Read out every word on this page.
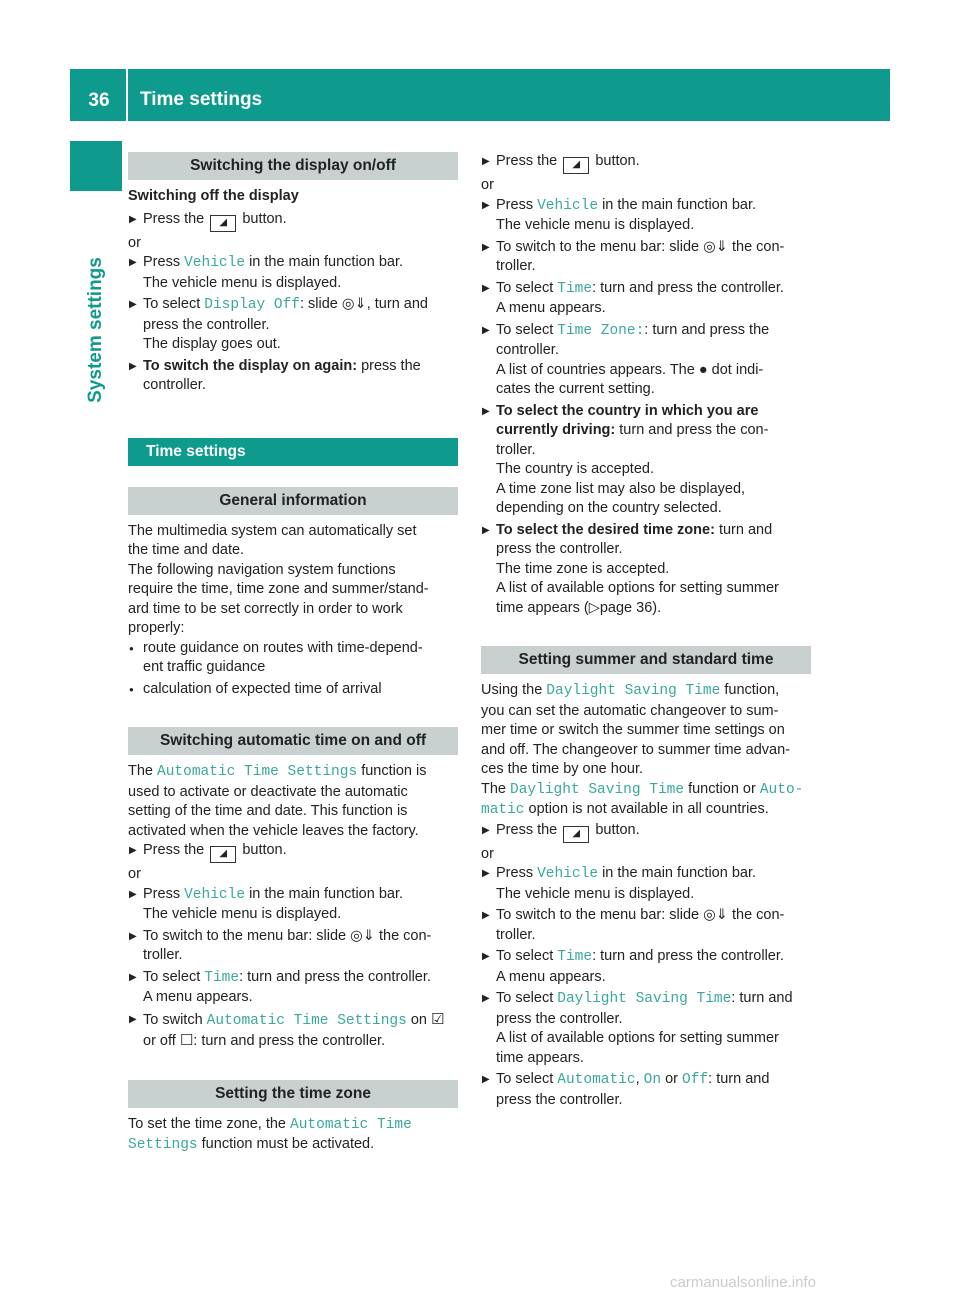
36	Time settings
System settings
Switching the display on/off

Switching off the display

▶ Press the ◢ button.

or

▶ Press Vehicle in the main function bar.
The vehicle menu is displayed.
▶ To select Display Off: slide ◎⇓, turn and
press the controller.
The display goes out.
▶ To switch the display on again: press the
controller.
Time settings
General information

The multimedia system can automatically set
the time and date.

The following navigation system functions
require the time, time zone and summer/stand-
ard time to be set correctly in order to work
properly:

● route guidance on routes with time-depend-
ent traffic guidance
● calculation of expected time of arrival
Switching automatic time on and off

The Automatic Time Settings function is
used to activate or deactivate the automatic
setting of the time and date. This function is
activated when the vehicle leaves the factory.

▶ Press the ◢ button.

or

▶ Press Vehicle in the main function bar.
The vehicle menu is displayed.
▶ To switch to the menu bar: slide ◎⇓ the con-
troller.
▶ To select Time: turn and press the controller.
A menu appears.
▶ To switch Automatic Time Settings on ☑
or off ☐: turn and press the controller.
Setting the time zone

To set the time zone, the Automatic Time
Settings function must be activated.

▶ Press the ◢ button.

or

▶ Press Vehicle in the main function bar.
The vehicle menu is displayed.
▶ To switch to the menu bar: slide ◎⇓ the con-
troller.
▶ To select Time: turn and press the controller.
A menu appears.
▶ To select Time Zone:: turn and press the
controller.
A list of countries appears. The ● dot indi-
cates the current setting.
▶ To select the country in which you are
currently driving: turn and press the con-
troller.
The country is accepted.
A time zone list may also be displayed,
depending on the country selected.
▶ To select the desired time zone: turn and
press the controller.
The time zone is accepted.
A list of available options for setting summer
time appears (▷page 36).
Setting summer and standard time

Using the Daylight Saving Time function,
you can set the automatic changeover to sum-
mer time or switch the summer time settings on
and off. The changeover to summer time advan-
ces the time by one hour.

The Daylight Saving Time function or Auto‑
matic option is not available in all countries.

▶ Press the ◢ button.

or

▶ Press Vehicle in the main function bar.
The vehicle menu is displayed.
▶ To switch to the menu bar: slide ◎⇓ the con-
troller.
▶ To select Time: turn and press the controller.
A menu appears.
▶ To select Daylight Saving Time: turn and
press the controller.
A list of available options for setting summer
time appears.
▶ To select Automatic, On or Off: turn and
press the controller.
carmanualsonline.info
